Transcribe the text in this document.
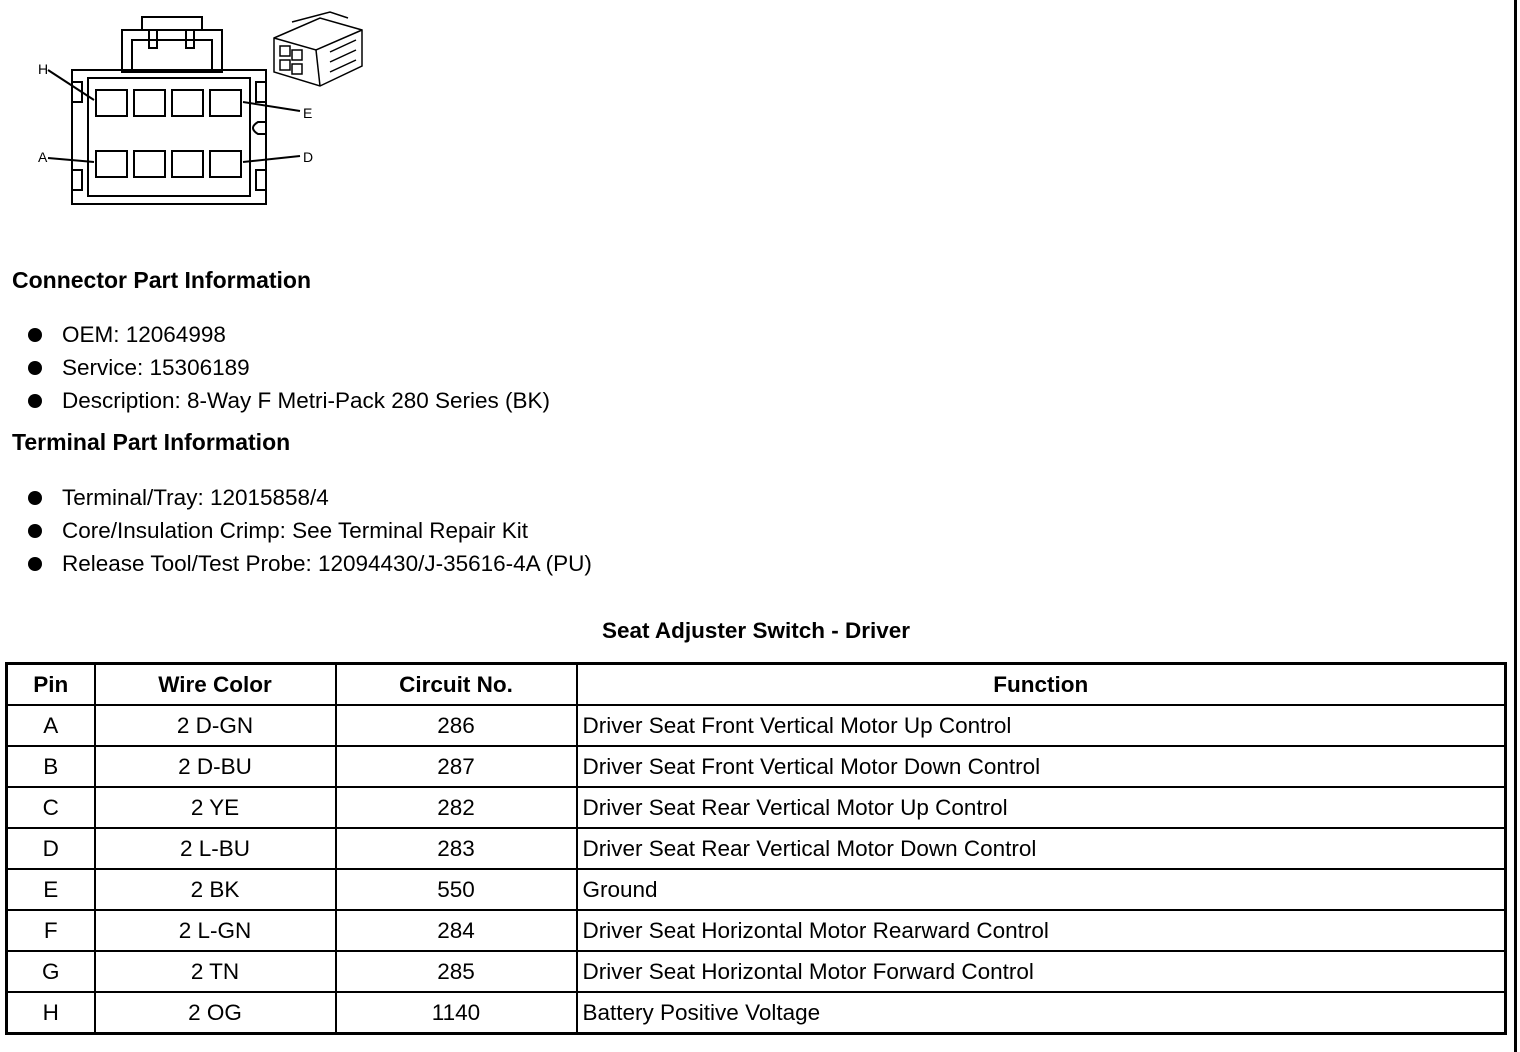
H
E
A	D
Connector Part Information
OEM: 12064998
Service: 15306189
Description: 8-Way F Metri-Pack 280 Series (BK)
Terminal Part Information
Terminal/Tray: 12015858/4
Core/Insulation Crimp: See Terminal Repair Kit
Release Tool/Test Probe: 12094430/J-35616-4A (PU)
Seat Adjuster Switch - Driver
Pin	Wire Color	Circuit No.	Function
A	2 D-GN	286	Driver Seat Front Vertical Motor Up Control
B	2 D-BU	287	Driver Seat Front Vertical Motor Down Control
C	2 YE	282	Driver Seat Rear Vertical Motor Up Control
D	2 L-BU	283	Driver Seat Rear Vertical Motor Down Control
E	2 BK	550	Ground
F	2 L-GN	284	Driver Seat Horizontal Motor Rearward Control
G	2 TN	285	Driver Seat Horizontal Motor Forward Control
H	2 OG	1140	Battery Positive Voltage
